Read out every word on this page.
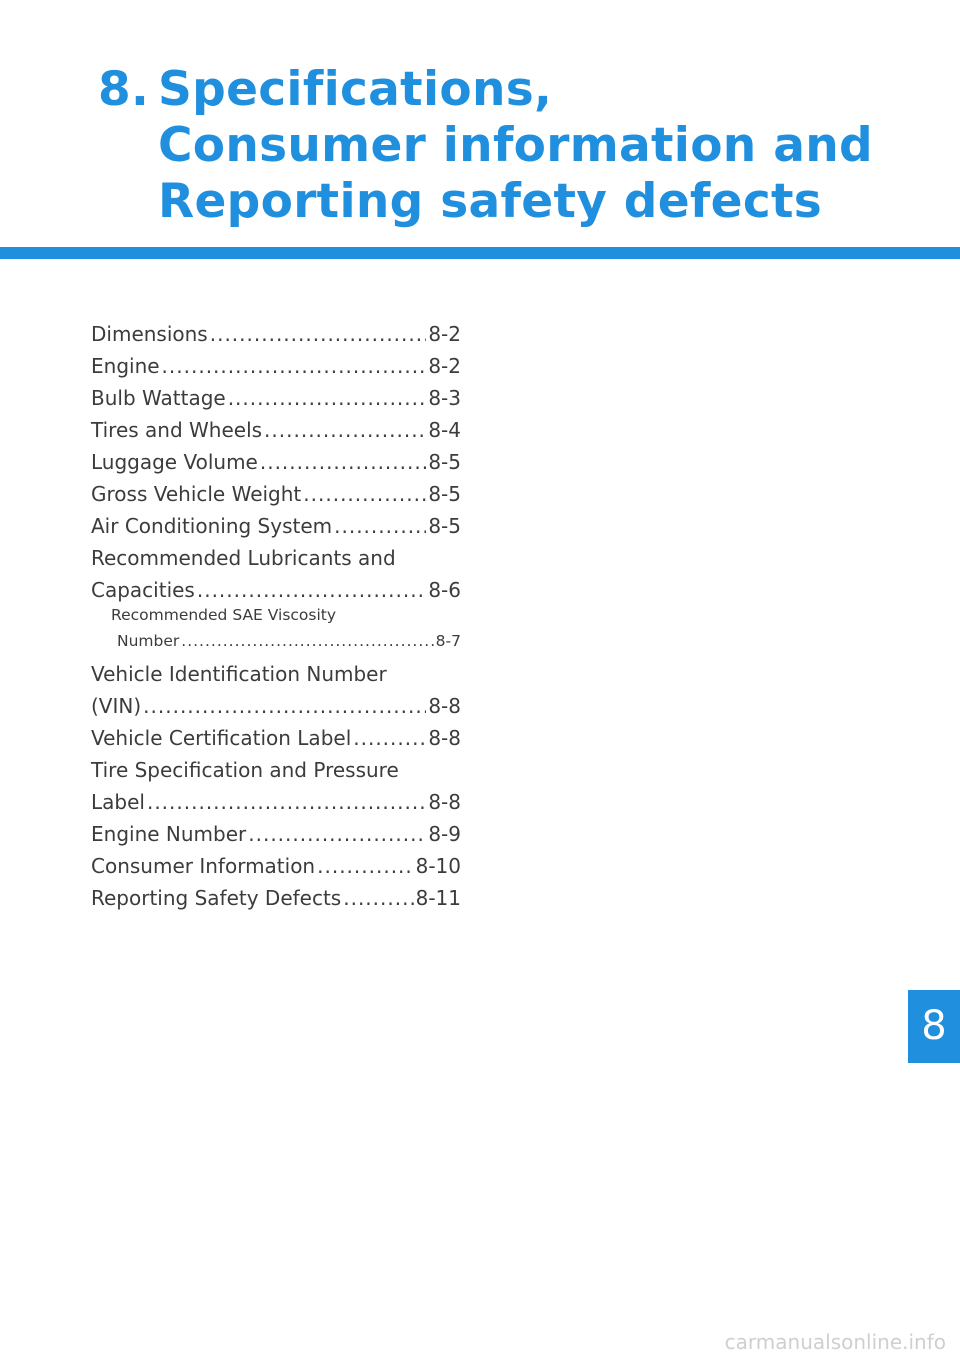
8. Specifications,
Consumer information and
Reporting safety defects
Dimensions .....	8-2
Engine .....	8-2
Bulb Wattage .....	8-3
Tires and Wheels .....	8-4
Luggage Volume .....	8-5
Gross Vehicle Weight .....	8-5
Air Conditioning System .....	8-5
Recommended Lubricants and
Capacities .....	8-6
Recommended SAE Viscosity
Number .....	8-7
Vehicle Identification Number
(VIN) .....	8-8
Vehicle Certification Label .....	8-8
Tire Specification and Pressure
Label .....	8-8
Engine Number .....	8-9
Consumer Information .....	8-10
Reporting Safety Defects .....	8-11
8
carmanualsonline.info
